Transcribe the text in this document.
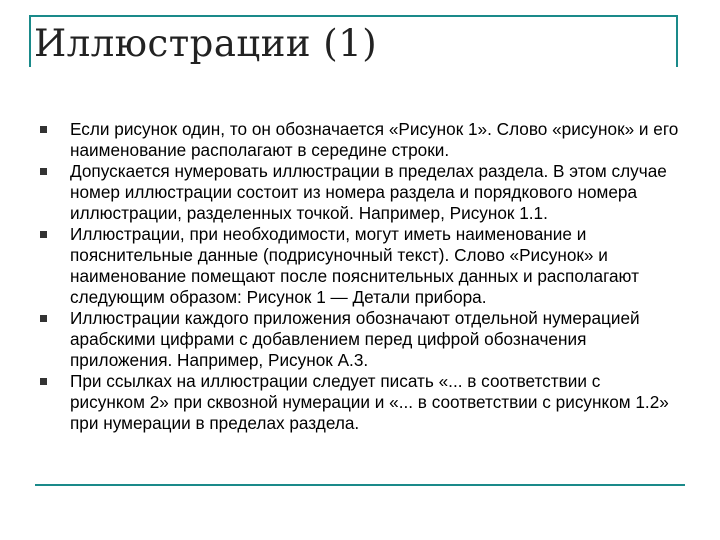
Иллюстрации (1)
Если рисунок один, то он обозначается «Рисунок 1». Слово «рисунок» и его наименование располагают в середине строки.
Допускается нумеровать иллюстрации в пределах раздела. В этом случае номер иллюстрации состоит из номера раздела и порядкового номера иллюстрации, разделенных точкой. Например, Рисунок 1.1.
Иллюстрации, при необходимости, могут иметь наименование и пояснительные данные (подрисуночный текст). Слово «Рисунок» и наименование помещают после пояснительных данных и располагают следующим образом: Рисунок 1 — Детали прибора.
Иллюстрации каждого приложения обозначают отдельной нумерацией арабскими цифрами с добавлением перед цифрой обозначения приложения. Например, Рисунок А.3.
При ссылках на иллюстрации следует писать «... в соответствии с рисунком 2» при сквозной нумерации и «... в соответствии с рисунком 1.2» при нумерации в пределах раздела.
